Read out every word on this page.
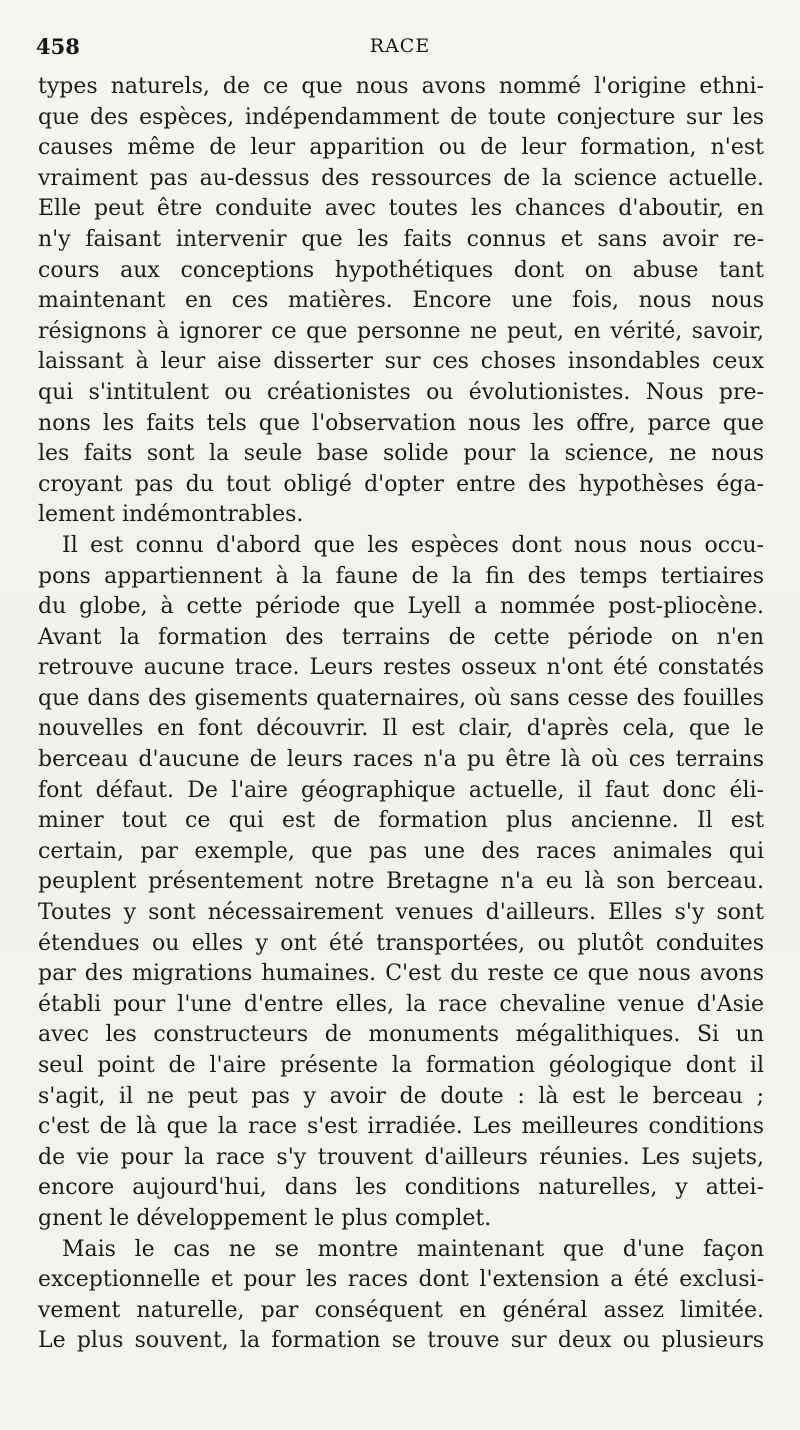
458	RACE
types naturels, de ce que nous avons nommé l'origine ethni-
que des espèces, indépendamment de toute conjecture sur les
causes même de leur apparition ou de leur formation, n'est
vraiment pas au-dessus des ressources de la science actuelle.
Elle peut être conduite avec toutes les chances d'aboutir, en
n'y faisant intervenir que les faits connus et sans avoir re-
cours aux conceptions hypothétiques dont on abuse tant
maintenant en ces matières. Encore une fois, nous nous
résignons à ignorer ce que personne ne peut, en vérité, savoir,
laissant à leur aise disserter sur ces choses insondables ceux
qui s'intitulent ou créationistes ou évolutionistes. Nous pre-
nons les faits tels que l'observation nous les offre, parce que
les faits sont la seule base solide pour la science, ne nous
croyant pas du tout obligé d'opter entre des hypothèses éga-
lement indémontrables.
Il est connu d'abord que les espèces dont nous nous occu-
pons appartiennent à la faune de la fin des temps tertiaires
du globe, à cette période que Lyell a nommée post-pliocène.
Avant la formation des terrains de cette période on n'en
retrouve aucune trace. Leurs restes osseux n'ont été constatés
que dans des gisements quaternaires, où sans cesse des fouilles
nouvelles en font découvrir. Il est clair, d'après cela, que le
berceau d'aucune de leurs races n'a pu être là où ces terrains
font défaut. De l'aire géographique actuelle, il faut donc éli-
miner tout ce qui est de formation plus ancienne. Il est
certain, par exemple, que pas une des races animales qui
peuplent présentement notre Bretagne n'a eu là son berceau.
Toutes y sont nécessairement venues d'ailleurs. Elles s'y sont
étendues ou elles y ont été transportées, ou plutôt conduites
par des migrations humaines. C'est du reste ce que nous avons
établi pour l'une d'entre elles, la race chevaline venue d'Asie
avec les constructeurs de monuments mégalithiques. Si un
seul point de l'aire présente la formation géologique dont il
s'agit, il ne peut pas y avoir de doute : là est le berceau ;
c'est de là que la race s'est irradiée. Les meilleures conditions
de vie pour la race s'y trouvent d'ailleurs réunies. Les sujets,
encore aujourd'hui, dans les conditions naturelles, y attei-
gnent le développement le plus complet.
Mais le cas ne se montre maintenant que d'une façon
exceptionnelle et pour les races dont l'extension a été exclusi-
vement naturelle, par conséquent en général assez limitée.
Le plus souvent, la formation se trouve sur deux ou plusieurs
